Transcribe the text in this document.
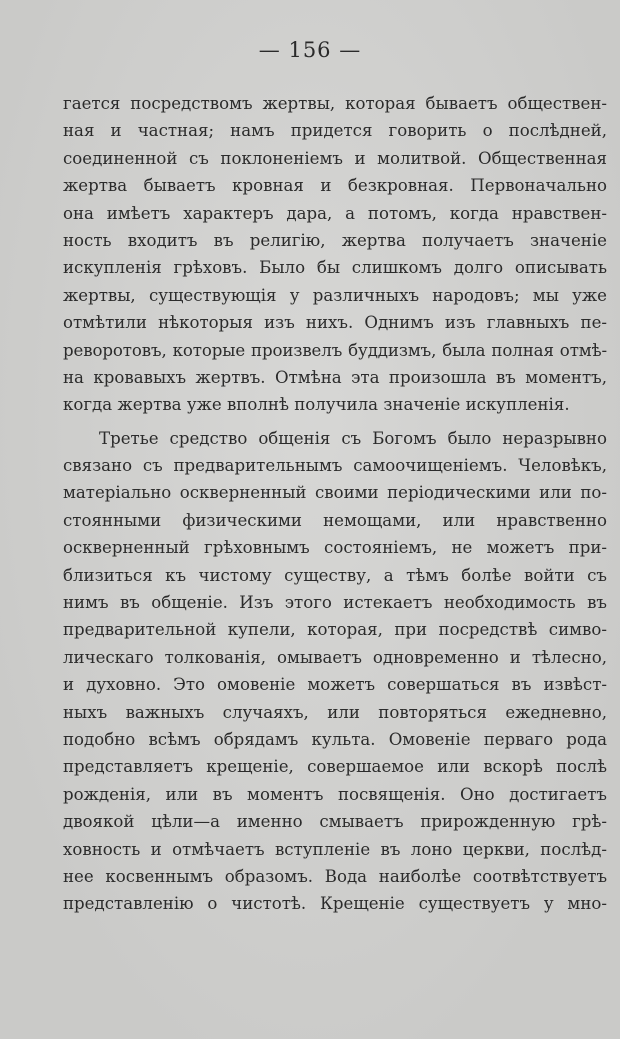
— 156 —
гается посредствомъ жертвы, которая бываетъ обществен-
ная и частная; намъ придется говорить о послѣдней,
соединенной съ поклоненіемъ и молитвой. Общественная
жертва бываетъ кровная и безкровная. Первоначально
она имѣетъ характеръ дара, а потомъ, когда нравствен-
ность входитъ въ религію, жертва получаетъ значеніе
искупленія грѣховъ. Было бы слишкомъ долго описывать
жертвы, существующія у различныхъ народовъ; мы уже
отмѣтили нѣкоторыя изъ нихъ. Однимъ изъ главныхъ пе-
реворотовъ, которые произвелъ буддизмъ, была полная отмѣ-
на кровавыхъ жертвъ. Отмѣна эта произошла въ моментъ,
когда жертва уже вполнѣ получила значеніе искупленія.
Третье средство общенія съ Богомъ было неразрывно
связано съ предварительнымъ самоочищеніемъ. Человѣкъ,
матеріально оскверненный своими періодическими или по-
стоянными физическими немощами, или нравственно
оскверненный грѣховнымъ состояніемъ, не можетъ при-
близиться къ чистому существу, а тѣмъ болѣе войти съ
нимъ въ общеніе. Изъ этого истекаетъ необходимость въ
предварительной купели, которая, при посредствѣ симво-
лическаго толкованія, омываетъ одновременно и тѣлесно,
и духовно. Это омовеніе можетъ совершаться въ извѣст-
ныхъ важныхъ случаяхъ, или повторяться ежедневно,
подобно всѣмъ обрядамъ культа. Омовеніе перваго рода
представляетъ крещеніе, совершаемое или вскорѣ послѣ
рожденія, или въ моментъ посвященія. Оно достигаетъ
двоякой цѣли—а именно смываетъ прирожденную грѣ-
ховность и отмѣчаетъ вступленіе въ лоно церкви, послѣд-
нее косвеннымъ образомъ. Вода наиболѣе соотвѣтствуетъ
представленію о чистотѣ. Крещеніе существуетъ у мно-
